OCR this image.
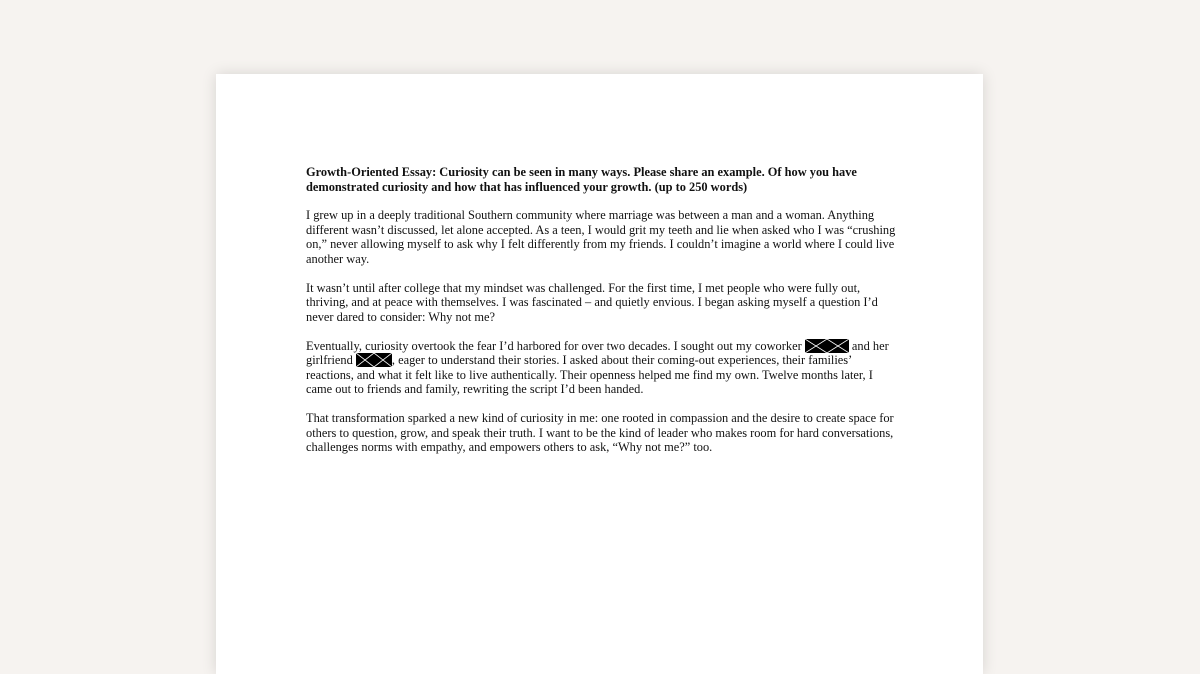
Growth-Oriented Essay: Curiosity can be seen in many ways. Please share an example. Of how you have demonstrated curiosity and how that has influenced your growth. (up to 250 words)

I grew up in a deeply traditional Southern community where marriage was between a man and a woman. Anything different wasn’t discussed, let alone accepted. As a teen, I would grit my teeth and lie when asked who I was “crushing on,” never allowing myself to ask why I felt differently from my friends. I couldn’t imagine a world where I could live another way.

It wasn’t until after college that my mindset was challenged. For the first time, I met people who were fully out, thriving, and at peace with themselves. I was fascinated – and quietly envious. I began asking myself a question I’d never dared to consider: Why not me?

Eventually, curiosity overtook the fear I’d harbored for over two decades. I sought out my coworker	and her girlfriend	, eager to understand their stories. I asked about their coming-out experiences, their families’ reactions, and what it felt like to live authentically. Their openness helped me find my own. Twelve months later, I came out to friends and family, rewriting the script I’d been handed.

That transformation sparked a new kind of curiosity in me: one rooted in compassion and the desire to create space for others to question, grow, and speak their truth. I want to be the kind of leader who makes room for hard conversations, challenges norms with empathy, and empowers others to ask, “Why not me?” too.
